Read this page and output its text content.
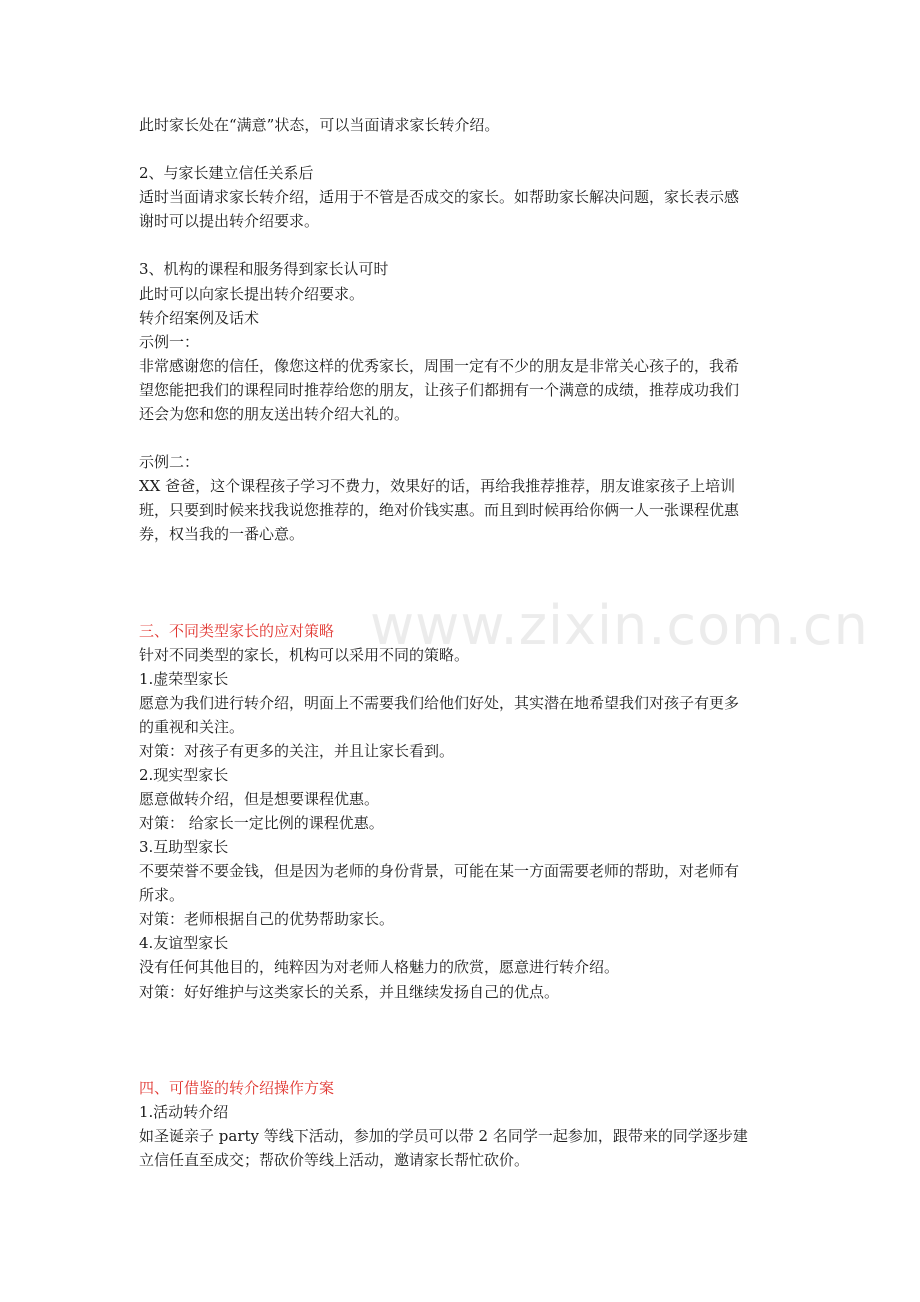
www.zixin.com.cn
此时家长处在“满意”状态，可以当面请求家长转介绍。
2、与家长建立信任关系后
适时当面请求家长转介绍，适用于不管是否成交的家长。如帮助家长解决问题，家长表示感
谢时可以提出转介绍要求。
3、机构的课程和服务得到家长认可时
此时可以向家长提出转介绍要求。
转介绍案例及话术
示例一：
非常感谢您的信任，像您这样的优秀家长，周围一定有不少的朋友是非常关心孩子的，我希
望您能把我们的课程同时推荐给您的朋友，让孩子们都拥有一个满意的成绩，推荐成功我们
还会为您和您的朋友送出转介绍大礼的。
示例二：
XX 爸爸，这个课程孩子学习不费力，效果好的话，再给我推荐推荐，朋友谁家孩子上培训
班，只要到时候来找我说您推荐的，绝对价钱实惠。而且到时候再给你俩一人一张课程优惠
券，权当我的一番心意。
三、不同类型家长的应对策略
针对不同类型的家长，机构可以采用不同的策略。
1.虚荣型家长
愿意为我们进行转介绍，明面上不需要我们给他们好处，其实潜在地希望我们对孩子有更多
的重视和关注。
对策：对孩子有更多的关注，并且让家长看到。
2.现实型家长
愿意做转介绍，但是想要课程优惠。
对策： 给家长一定比例的课程优惠。
3.互助型家长
不要荣誉不要金钱，但是因为老师的身份背景，可能在某一方面需要老师的帮助，对老师有
所求。
对策：老师根据自己的优势帮助家长。
4.友谊型家长
没有任何其他目的，纯粹因为对老师人格魅力的欣赏，愿意进行转介绍。
对策：好好维护与这类家长的关系，并且继续发扬自己的优点。
四、可借鉴的转介绍操作方案
1.活动转介绍
如圣诞亲子 party 等线下活动，参加的学员可以带 2 名同学一起参加，跟带来的同学逐步建
立信任直至成交；帮砍价等线上活动，邀请家长帮忙砍价。
